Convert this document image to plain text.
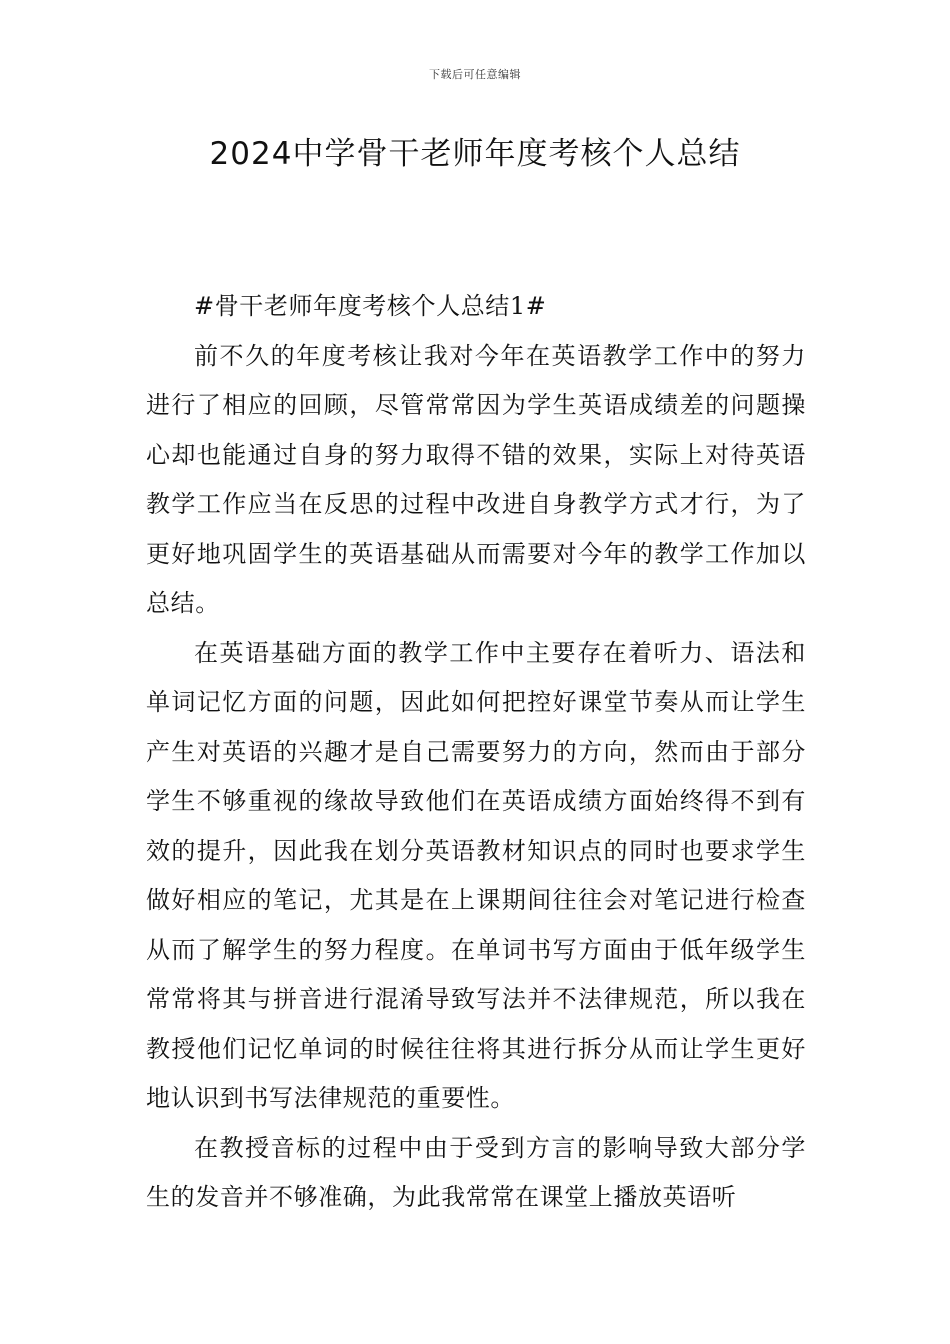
下载后可任意编辑
2024中学骨干老师年度考核个人总结

#骨干老师年度考核个人总结1#

前不久的年度考核让我对今年在英语教学工作中的努力进行了相应的回顾，尽管常常因为学生英语成绩差的问题操心却也能通过自身的努力取得不错的效果，实际上对待英语教学工作应当在反思的过程中改进自身教学方式才行，为了更好地巩固学生的英语基础从而需要对今年的教学工作加以总结。

在英语基础方面的教学工作中主要存在着听力、语法和单词记忆方面的问题，因此如何把控好课堂节奏从而让学生产生对英语的兴趣才是自己需要努力的方向，然而由于部分学生不够重视的缘故导致他们在英语成绩方面始终得不到有效的提升，因此我在划分英语教材知识点的同时也要求学生做好相应的笔记，尤其是在上课期间往往会对笔记进行检查从而了解学生的努力程度。在单词书写方面由于低年级学生常常将其与拼音进行混淆导致写法并不法律规范，所以我在教授他们记忆单词的时候往往将其进行拆分从而让学生更好地认识到书写法律规范的重要性。

在教授音标的过程中由于受到方言的影响导致大部分学生的发音并不够准确，为此我常常在课堂上播放英语听
